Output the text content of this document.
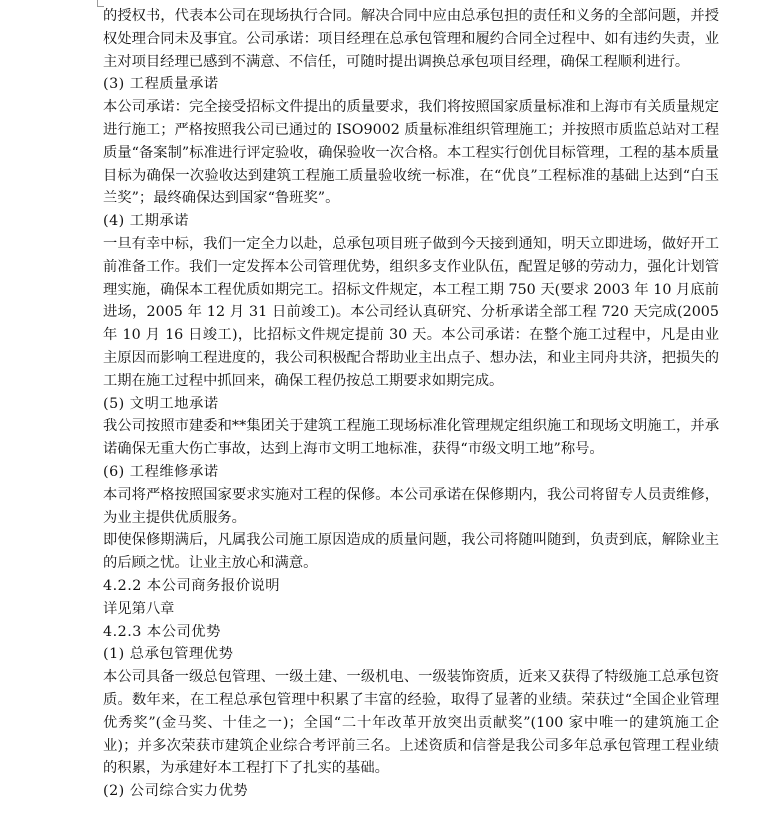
的授权书，代表本公司在现场执行合同。解决合同中应由总承包担的责任和义务的全部问题，并授权处理合同未及事宜。公司承诺：项目经理在总承包管理和履约合同全过程中、如有违约失责，业主对项目经理已感到不满意、不信任，可随时提出调换总承包项目经理，确保工程顺利进行。

(3) 工程质量承诺

本公司承诺：完全接受招标文件提出的质量要求，我们将按照国家质量标准和上海市有关质量规定进行施工；严格按照我公司已通过的 ISO9002 质量标准组织管理施工；并按照市质监总站对工程质量“备案制”标准进行评定验收，确保验收一次合格。本工程实行创优目标管理，工程的基本质量目标为确保一次验收达到建筑工程施工质量验收统一标准，在“优良”工程标准的基础上达到“白玉兰奖”；最终确保达到国家“鲁班奖”。

(4) 工期承诺

一旦有幸中标，我们一定全力以赴，总承包项目班子做到今天接到通知，明天立即进场，做好开工前准备工作。我们一定发挥本公司管理优势，组织多支作业队伍，配置足够的劳动力，强化计划管理实施，确保本工程优质如期完工。招标文件规定，本工程工期 750 天(要求 2003 年 10 月底前进场，2005 年 12 月 31 日前竣工)。本公司经认真研究、分析承诺全部工程 720 天完成(2005 年 10 月 16 日竣工)，比招标文件规定提前 30 天。本公司承诺：在整个施工过程中，凡是由业主原因而影响工程进度的，我公司积极配合帮助业主出点子、想办法，和业主同舟共济，把损失的工期在施工过程中抓回来，确保工程仍按总工期要求如期完成。

(5) 文明工地承诺

我公司按照市建委和**集团关于建筑工程施工现场标准化管理规定组织施工和现场文明施工，并承诺确保无重大伤亡事故，达到上海市文明工地标准，获得“市级文明工地”称号。

(6) 工程维修承诺

本司将严格按照国家要求实施对工程的保修。本公司承诺在保修期内，我公司将留专人员责维修，为业主提供优质服务。

即使保修期满后，凡属我公司施工原因造成的质量问题，我公司将随叫随到，负责到底，解除业主的后顾之忧。让业主放心和满意。

4.2.2 本公司商务报价说明

详见第八章

4.2.3 本公司优势

(1) 总承包管理优势

本公司具备一级总包管理、一级土建、一级机电、一级装饰资质，近来又获得了特级施工总承包资质。数年来，在工程总承包管理中积累了丰富的经验，取得了显著的业绩。荣获过“全国企业管理优秀奖”(金马奖、十佳之一)；全国“二十年改革开放突出贡献奖”(100 家中唯一的建筑施工企业)；并多次荣获市建筑企业综合考评前三名。上述资质和信誉是我公司多年总承包管理工程业绩的积累，为承建好本工程打下了扎实的基础。

(2) 公司综合实力优势
